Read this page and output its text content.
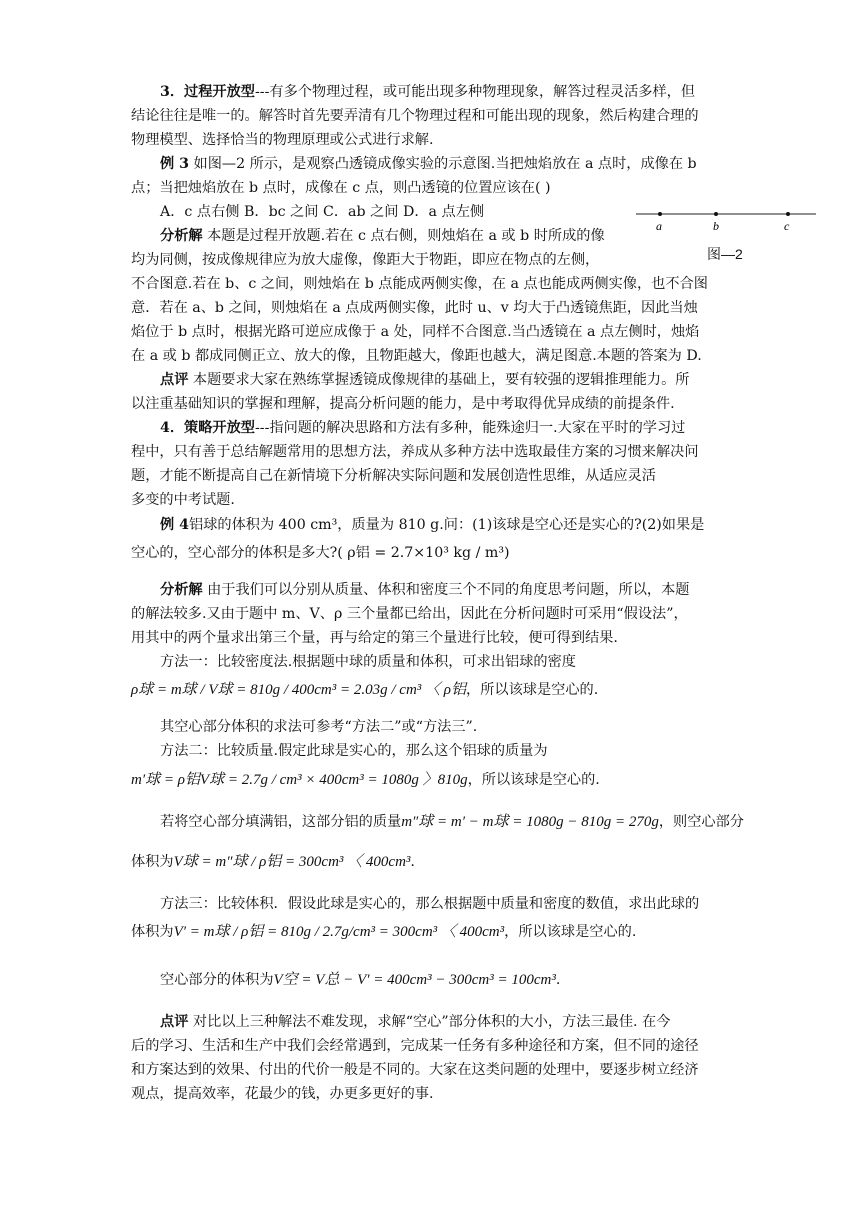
3．过程开放型---有多个物理过程，或可能出现多种物理现象，解答过程灵活多样，但
结论往往是唯一的。解答时首先要弄清有几个物理过程和可能出现的现象，然后构建合理的
物理模型、选择恰当的物理原理或公式进行求解.
例 3 如图—2 所示，是观察凸透镜成像实验的示意图.当把烛焰放在 a 点时，成像在 b
点；当把烛焰放在 b 点时，成像在 c 点，则凸透镜的位置应该在( )
A．c 点右侧 B．bc 之间 C．ab 之间 D．a 点左侧
a	b	c
图—2
分析解 本题是过程开放题.若在 c 点右侧，则烛焰在 a 或 b 时所成的像
均为同侧，按成像规律应为放大虚像，像距大于物距，即应在物点的左侧，
不合图意.若在 b、c 之间，则烛焰在 b 点能成两侧实像，在 a 点也能成两侧实像，也不合图
意．若在 a、b 之间，则烛焰在 a 点成两侧实像，此时 u、v 均大于凸透镜焦距，因此当烛
焰位于 b 点时，根据光路可逆应成像于 a 处，同样不合图意.当凸透镜在 a 点左侧时，烛焰
在 a 或 b 都成同侧正立、放大的像，且物距越大，像距也越大，满足图意.本题的答案为 D.
点评 本题要求大家在熟练掌握透镜成像规律的基础上，要有较强的逻辑推理能力。所
以注重基础知识的掌握和理解，提高分析问题的能力，是中考取得优异成绩的前提条件.
4．策略开放型---指问题的解决思路和方法有多种，能殊途归一.大家在平时的学习过
程中，只有善于总结解题常用的思想方法，养成从多种方法中选取最佳方案的习惯来解决问
题，才能不断提高自己在新情境下分析解决实际问题和发展创造性思维，从适应灵活
多变的中考试题.
例 4铝球的体积为 400 cm³，质量为 810 g.问：(1)该球是空心还是实心的?(2)如果是
空心的，空心部分的体积是多大?( ρ铝 = 2.7×10³ kg / m³)
分析解 由于我们可以分别从质量、体积和密度三个不同的角度思考问题，所以，本题
的解法较多.又由于题中 m、V、ρ 三个量都已给出，因此在分析问题时可采用“假设法”，
用其中的两个量求出第三个量，再与给定的第三个量进行比较，便可得到结果.
方法一：比较密度法.根据题中球的质量和体积，可求出铝球的密度
ρ球 = m球 / V球 = 810g / 400cm³ = 2.03g / cm³ 〈 ρ铝，所以该球是空心的.
其空心部分体积的求法可参考“方法二”或“方法三”.
方法二：比较质量.假定此球是实心的，那么这个铝球的质量为
m′球 = ρ铝V球 = 2.7g / cm³ × 400cm³ = 1080g 〉810g，所以该球是空心的.
若将空心部分填满铝，这部分铝的质量m″球 = m′ − m球 = 1080g − 810g = 270g，则空心部分
体积为V球 = m″球 / ρ铝 = 300cm³ 〈 400cm³.
方法三：比较体积．假设此球是实心的，那么根据题中质量和密度的数值，求出此球的
体积为V′ = m球 / ρ铝 = 810g / 2.7g/cm³ = 300cm³ 〈 400cm³，所以该球是空心的.
空心部分的体积为V空 = V总 − V′ = 400cm³ − 300cm³ = 100cm³.
点评 对比以上三种解法不难发现，求解“空心”部分体积的大小，方法三最佳. 在今
后的学习、生活和生产中我们会经常遇到，完成某一任务有多种途径和方案，但不同的途径
和方案达到的效果、付出的代价一般是不同的。大家在这类问题的处理中，要逐步树立经济
观点，提高效率，花最少的钱，办更多更好的事.
